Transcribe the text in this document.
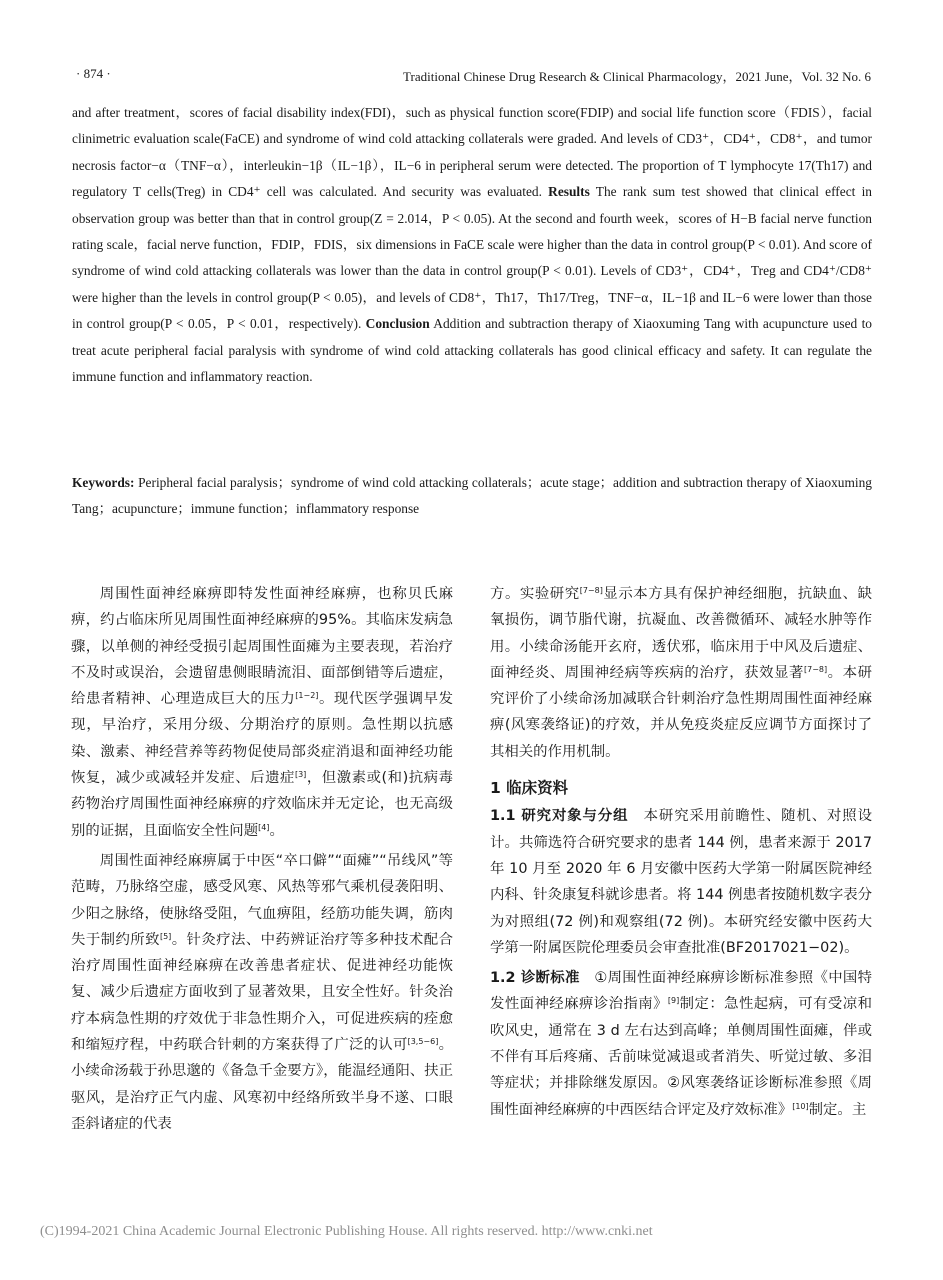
· 874 ·	Traditional Chinese Drug Research & Clinical Pharmacology，2021 June，Vol. 32 No. 6

and after treatment，scores of facial disability index(FDI)，such as physical function score(FDIP) and social life function score（FDIS），facial clinimetric evaluation scale(FaCE) and syndrome of wind cold attacking collaterals were graded. And levels of CD3⁺，CD4⁺，CD8⁺，and tumor necrosis factor−α（TNF−α），interleukin−1β（IL−1β），IL−6 in peripheral serum were detected. The proportion of T lymphocyte 17(Th17) and regulatory T cells(Treg) in CD4⁺ cell was calculated. And security was evaluated. Results The rank sum test showed that clinical effect in observation group was better than that in control group(Z = 2.014，P < 0.05). At the second and fourth week，scores of H−B facial nerve function rating scale，facial nerve function，FDIP，FDIS，six dimensions in FaCE scale were higher than the data in control group(P < 0.01). And score of syndrome of wind cold attacking collaterals was lower than the data in control group(P < 0.01). Levels of CD3⁺，CD4⁺，Treg and CD4⁺/CD8⁺ were higher than the levels in control group(P < 0.05)，and levels of CD8⁺，Th17，Th17/Treg，TNF−α，IL−1β and IL−6 were lower than those in control group(P < 0.05，P < 0.01，respectively). Conclusion Addition and subtraction therapy of Xiaoxuming Tang with acupuncture used to treat acute peripheral facial paralysis with syndrome of wind cold attacking collaterals has good clinical efficacy and safety. It can regulate the immune function and inflammatory reaction.

Keywords: Peripheral facial paralysis；syndrome of wind cold attacking collaterals；acute stage；addition and subtraction therapy of Xiaoxuming Tang；acupuncture；immune function；inflammatory response

周围性面神经麻痹即特发性面神经麻痹，也称贝氏麻痹，约占临床所见周围性面神经麻痹的95%。其临床发病急骤，以单侧的神经受损引起周围性面瘫为主要表现，若治疗不及时或误治，会遗留患侧眼睛流泪、面部倒错等后遗症，给患者精神、心理造成巨大的压力[1−2]。现代医学强调早发现，早治疗，采用分级、分期治疗的原则。急性期以抗感染、激素、神经营养等药物促使局部炎症消退和面神经功能恢复，减少或减轻并发症、后遗症[3]，但激素或(和)抗病毒药物治疗周围性面神经麻痹的疗效临床并无定论，也无高级别的证据，且面临安全性问题[4]。

周围性面神经麻痹属于中医“卒口僻”“面瘫”“吊线风”等范畴，乃脉络空虚，感受风寒、风热等邪气乘机侵袭阳明、少阳之脉络，使脉络受阻，气血痹阻，经筋功能失调，筋肉失于制约所致[5]。针灸疗法、中药辨证治疗等多种技术配合治疗周围性面神经麻痹在改善患者症状、促进神经功能恢复、减少后遗症方面收到了显著效果，且安全性好。针灸治疗本病急性期的疗效优于非急性期介入，可促进疾病的痊愈和缩短疗程，中药联合针刺的方案获得了广泛的认可[3,5−6]。小续命汤载于孙思邈的《备急千金要方》，能温经通阳、扶正驱风，是治疗正气内虚、风寒初中经络所致半身不遂、口眼歪斜诸症的代表

方。实验研究[7−8]显示本方具有保护神经细胞，抗缺血、缺氧损伤，调节脂代谢，抗凝血、改善微循环、减轻水肿等作用。小续命汤能开玄府，透伏邪，临床用于中风及后遗症、面神经炎、周围神经病等疾病的治疗，获效显著[7−8]。本研究评价了小续命汤加减联合针刺治疗急性期周围性面神经麻痹(风寒袭络证)的疗效，并从免疫炎症反应调节方面探讨了其相关的作用机制。

1 临床资料

1.1 研究对象与分组　 本研究采用前瞻性、随机、对照设计。共筛选符合研究要求的患者 144 例，患者来源于 2017 年 10 月至 2020 年 6 月安徽中医药大学第一附属医院神经内科、针灸康复科就诊患者。将 144 例患者按随机数字表分为对照组(72 例)和观察组(72 例)。本研究经安徽中医药大学第一附属医院伦理委员会审查批准(BF2017021−02)。

1.2 诊断标准　 ①周围性面神经麻痹诊断标准参照《中国特发性面神经麻痹诊治指南》[9]制定：急性起病，可有受凉和吹风史，通常在 3 d 左右达到高峰；单侧周围性面瘫，伴或不伴有耳后疼痛、舌前味觉减退或者消失、听觉过敏、多泪等症状；并排除继发原因。②风寒袭络证诊断标准参照《周围性面神经麻痹的中西医结合评定及疗效标准》[10]制定。主

(C)1994-2021 China Academic Journal Electronic Publishing House. All rights reserved. http://www.cnki.net
